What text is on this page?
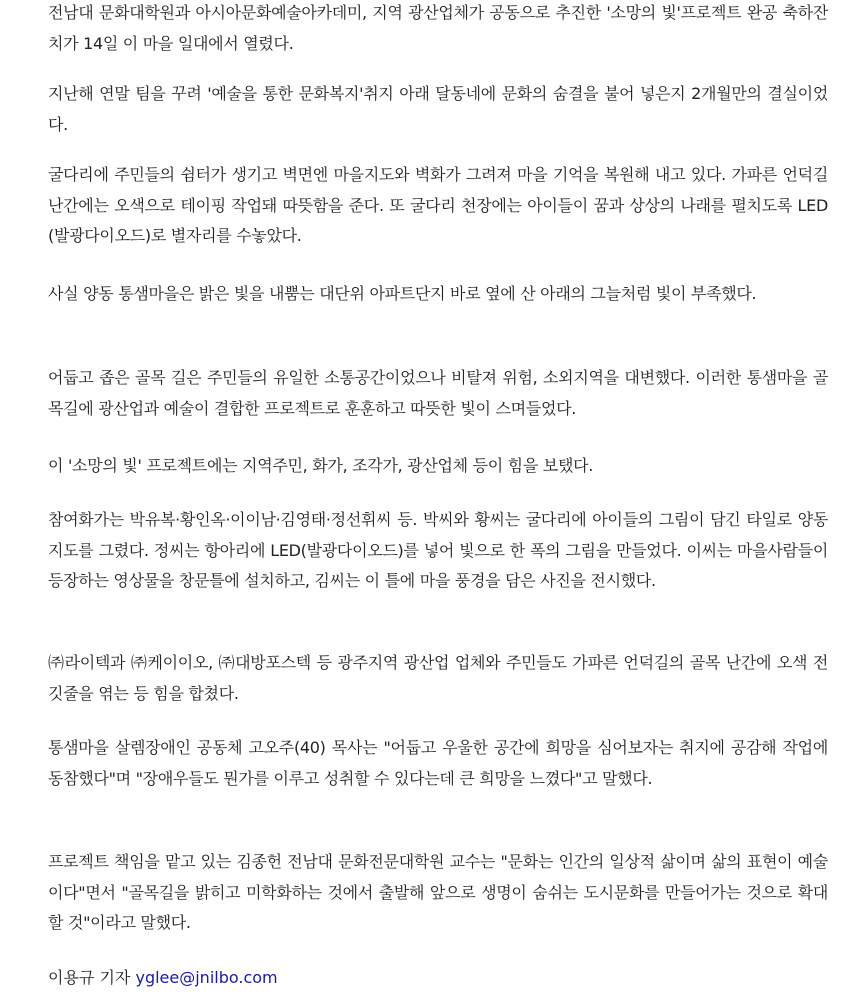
전남대 문화대학원과 아시아문화예술아카데미, 지역 광산업체가 공동으로 추진한 '소망의 빛'프로젝트 완공 축하잔치가 14일 이 마을 일대에서 열렸다.

지난해 연말 팀을 꾸려 '예술을 통한 문화복지'취지 아래 달동네에 문화의 숨결을 불어 넣은지 2개월만의 결실이었다.

굴다리에 주민들의 쉼터가 생기고 벽면엔 마을지도와 벽화가 그려져 마을 기억을 복원해 내고 있다. 가파른 언덕길 난간에는 오색으로 테이핑 작업돼 따뜻함을 준다. 또 굴다리 천장에는 아이들이 꿈과 상상의 나래를 펼치도록 LED(발광다이오드)로 별자리를 수놓았다.

사실 양동 통샘마을은 밝은 빛을 내뿜는 대단위 아파트단지 바로 옆에 산 아래의 그늘처럼 빛이 부족했다.

어둡고 좁은 골목 길은 주민들의 유일한 소통공간이었으나 비탈져 위험, 소외지역을 대변했다. 이러한 통샘마을 골목길에 광산업과 예술이 결합한 프로젝트로 훈훈하고 따뜻한 빛이 스며들었다.

이 '소망의 빛' 프로젝트에는 지역주민, 화가, 조각가, 광산업체 등이 힘을 보탰다.

참여화가는 박유복·황인옥·이이남·김영태·정선휘씨 등. 박씨와 황씨는 굴다리에 아이들의 그림이 담긴 타일로 양동지도를 그렸다. 정씨는 항아리에 LED(발광다이오드)를 넣어 빛으로 한 폭의 그림을 만들었다. 이씨는 마을사람들이 등장하는 영상물을 창문틀에 설치하고, 김씨는 이 틀에 마을 풍경을 담은 사진을 전시했다.

㈜라이텍과 ㈜케이이오, ㈜대방포스텍 등 광주지역 광산업 업체와 주민들도 가파른 언덕길의 골목 난간에 오색 전깃줄을 엮는 등 힘을 합쳤다.

통샘마을 살렘장애인 공동체 고오주(40) 목사는 "어둡고 우울한 공간에 희망을 심어보자는 취지에 공감해 작업에 동참했다"며 "장애우들도 뭔가를 이루고 성취할 수 있다는데 큰 희망을 느꼈다"고 말했다.

프로젝트 책임을 맡고 있는 김종헌 전남대 문화전문대학원 교수는 "문화는 인간의 일상적 삶이며 삶의 표현이 예술이다"면서 "골목길을 밝히고 미학화하는 것에서 출발해 앞으로 생명이 숨쉬는 도시문화를 만들어가는 것으로 확대할 것"이라고 말했다.

이용규 기자 yglee@jnilbo.com
